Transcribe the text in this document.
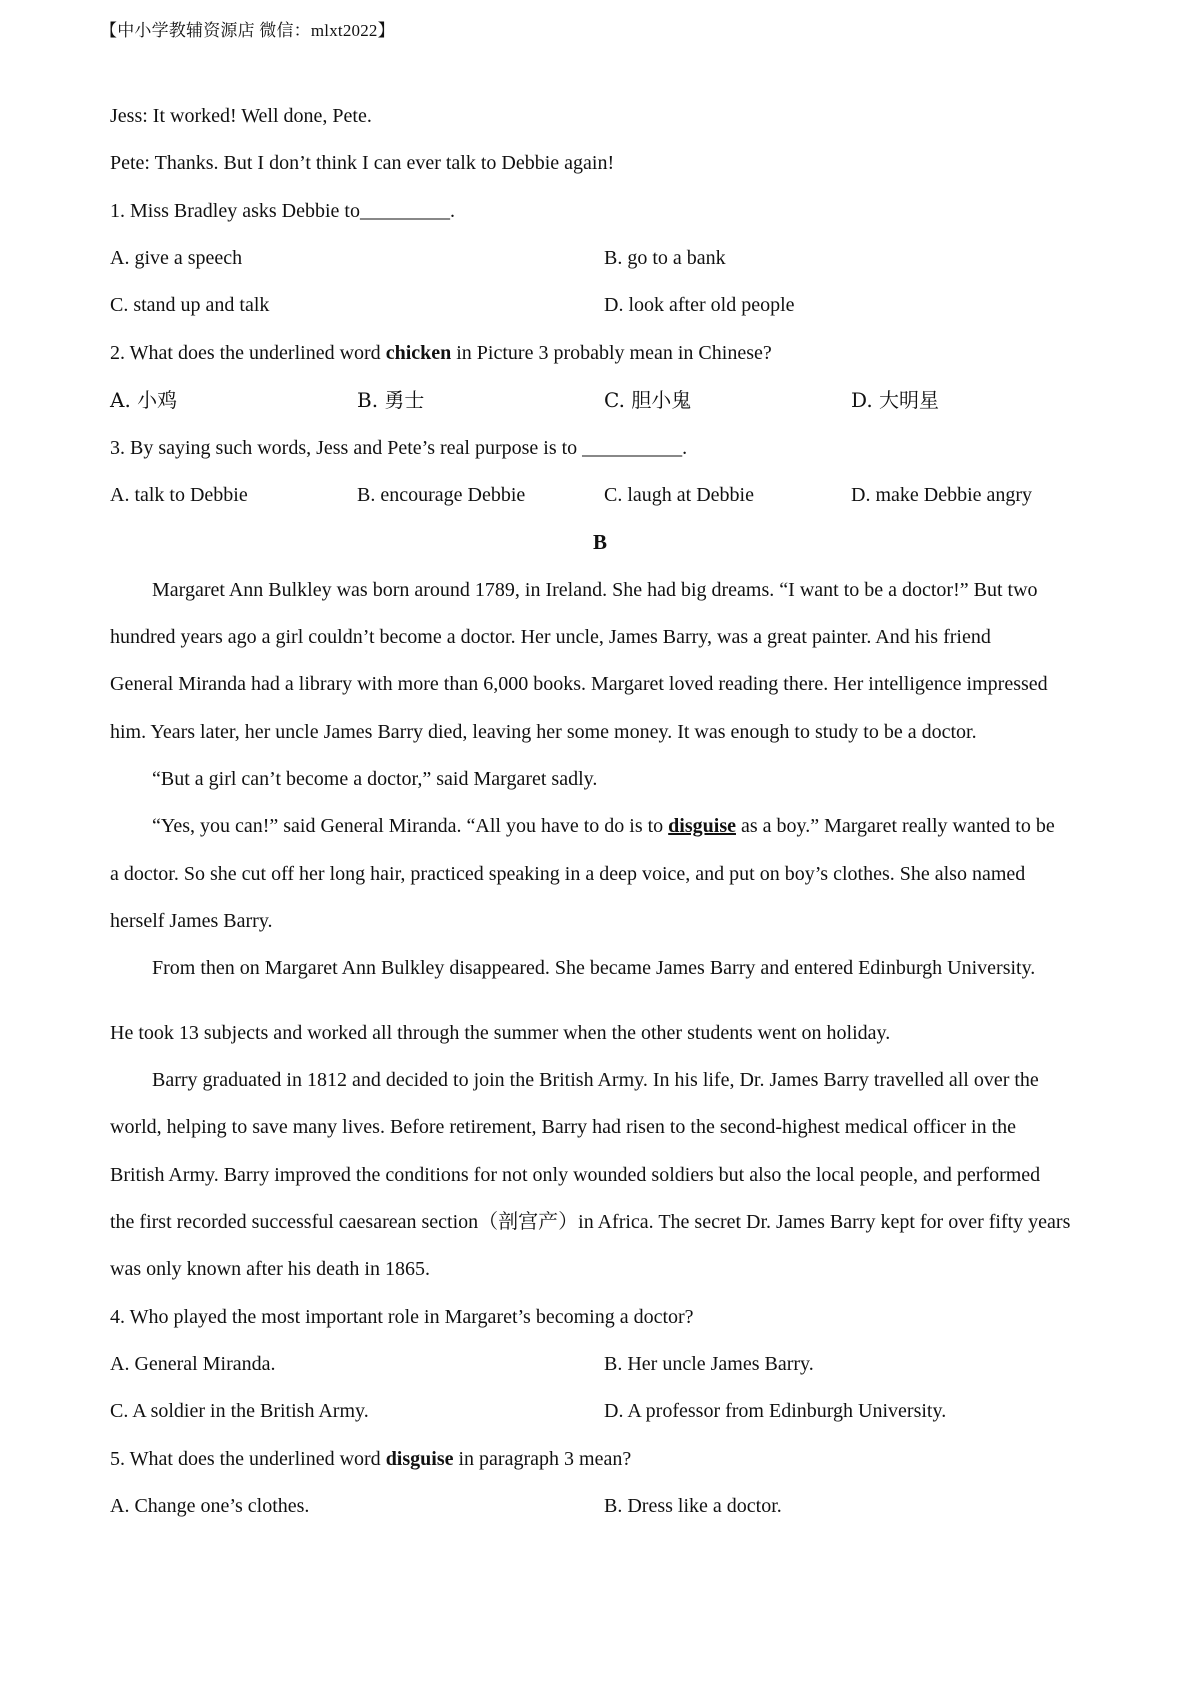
【中小学教辅资源店 微信：mlxt2022】
Jess: It worked! Well done, Pete.
Pete: Thanks. But I don’t think I can ever talk to Debbie again!
1. Miss Bradley asks Debbie to_________.
A. give a speech	B. go to a bank
C. stand up and talk	D. look after old people
2. What does the underlined word chicken in Picture 3 probably mean in Chinese?
A. 小鸡	B. 勇士	C. 胆小鬼	D. 大明星
3. By saying such words, Jess and Pete’s real purpose is to __________.
A. talk to Debbie	B. encourage Debbie	C. laugh at Debbie	D. make Debbie angry
B
Margaret Ann Bulkley was born around 1789, in Ireland. She had big dreams. “I want to be a doctor!” But two
hundred years ago a girl couldn’t become a doctor. Her uncle, James Barry, was a great painter. And his friend
General Miranda had a library with more than 6,000 books. Margaret loved reading there. Her intelligence impressed
him. Years later, her uncle James Barry died, leaving her some money. It was enough to study to be a doctor.
“But a girl can’t become a doctor,” said Margaret sadly.
“Yes, you can!” said General Miranda. “All you have to do is to disguise as a boy.” Margaret really wanted to be
a doctor. So she cut off her long hair, practiced speaking in a deep voice, and put on boy’s clothes. She also named
herself James Barry.
From then on Margaret Ann Bulkley disappeared. She became James Barry and entered Edinburgh University.
He took 13 subjects and worked all through the summer when the other students went on holiday.
Barry graduated in 1812 and decided to join the British Army. In his life, Dr. James Barry travelled all over the
world, helping to save many lives. Before retirement, Barry had risen to the second-highest medical officer in the
British Army. Barry improved the conditions for not only wounded soldiers but also the local people, and performed
the first recorded successful caesarean section（剖宫产）in Africa. The secret Dr. James Barry kept for over fifty years
was only known after his death in 1865.
4. Who played the most important role in Margaret’s becoming a doctor?
A. General Miranda.	B. Her uncle James Barry.
C. A soldier in the British Army.	D. A professor from Edinburgh University.
5. What does the underlined word disguise in paragraph 3 mean?
A. Change one’s clothes.	B. Dress like a doctor.
